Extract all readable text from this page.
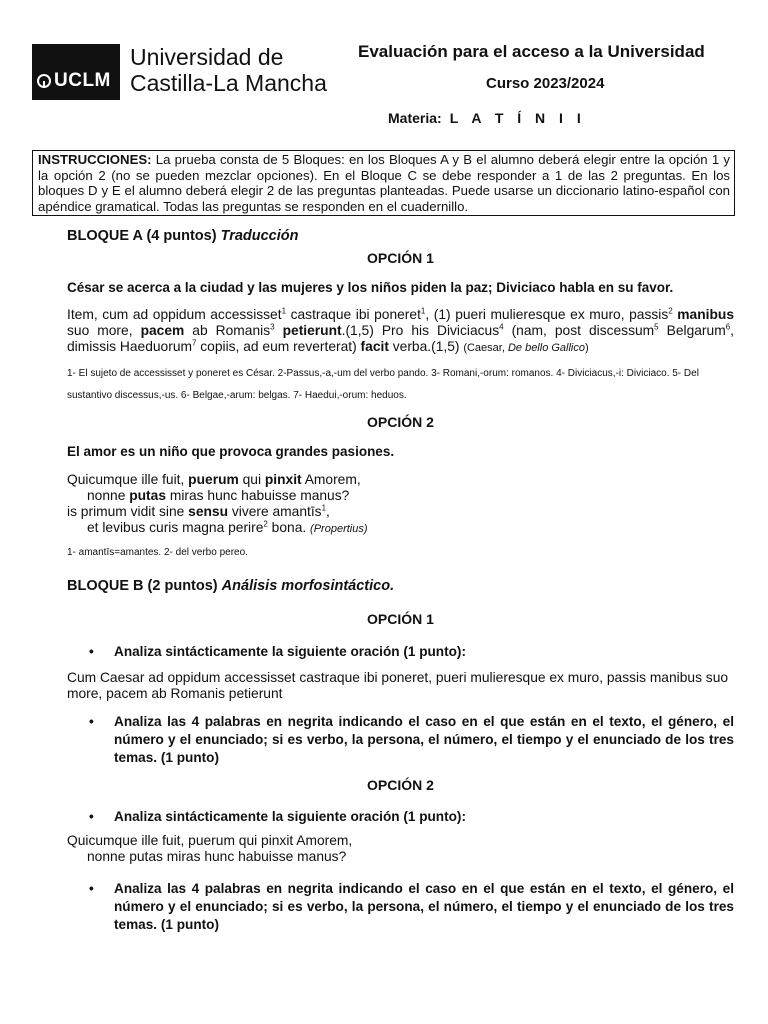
UCLM
Universidad de
Castilla-La Mancha
Evaluación para el acceso a la Universidad
Curso 2023/2024
Materia: L A T Í N I I
INSTRUCCIONES: La prueba consta de 5 Bloques: en los Bloques A y B el alumno deberá elegir entre la opción 1 y la opción 2 (no se pueden mezclar opciones). En el Bloque C se debe responder a 1 de las 2 preguntas. En los bloques D y E el alumno deberá elegir 2 de las preguntas planteadas. Puede usarse un diccionario latino-español con apéndice gramatical. Todas las preguntas se responden en el cuadernillo.
BLOQUE A (4 puntos) Traducción
OPCIÓN 1
César se acerca a la ciudad y las mujeres y los niños piden la paz; Diviciaco habla en su favor.
Item, cum ad oppidum accessisset$^1$ castraque ibi poneret$^1$, (1) pueri mulieresque ex muro, passis$^2$ manibus suo more, pacem ab Romanis$^3$ petierunt.(1,5) Pro his Diviciacus$^4$ (nam, post discessum$^5$ Belgarum$^6$, dimissis Haeduorum$^7$ copiis, ad eum reverterat) facit verba.(1,5) (Caesar, De bello Gallico)
1- El sujeto de accessisset y poneret es César. 2-Passus,-a,-um del verbo pando. 3- Romani,-orum: romanos. 4- Diviciacus,-i: Diviciaco. 5- Del sustantivo discessus,-us. 6- Belgae,-arum: belgas. 7- Haedui,-orum: heduos.
OPCIÓN 2
El amor es un niño que provoca grandes pasiones.
Quicumque ille fuit, puerum qui pinxit Amorem,
nonne putas miras hunc habuisse manus?
is primum vidit sine sensu vivere amantīs$^1$,
et levibus curis magna perire$^2$ bona. (Propertius)
1- amantīs=amantes. 2- del verbo pereo.
BLOQUE B (2 puntos) Análisis morfosintáctico.
OPCIÓN 1
• Analiza sintácticamente la siguiente oración (1 punto):
Cum Caesar ad oppidum accessisset castraque ibi poneret, pueri mulieresque ex muro, passis manibus suo more, pacem ab Romanis petierunt
• Analiza las 4 palabras en negrita indicando el caso en el que están en el texto, el género, el número y el enunciado; si es verbo, la persona, el número, el tiempo y el enunciado de los tres temas. (1 punto)
OPCIÓN 2
• Analiza sintácticamente la siguiente oración (1 punto):
Quicumque ille fuit, puerum qui pinxit Amorem,
nonne putas miras hunc habuisse manus?
• Analiza las 4 palabras en negrita indicando el caso en el que están en el texto, el género, el número y el enunciado; si es verbo, la persona, el número, el tiempo y el enunciado de los tres temas. (1 punto)
